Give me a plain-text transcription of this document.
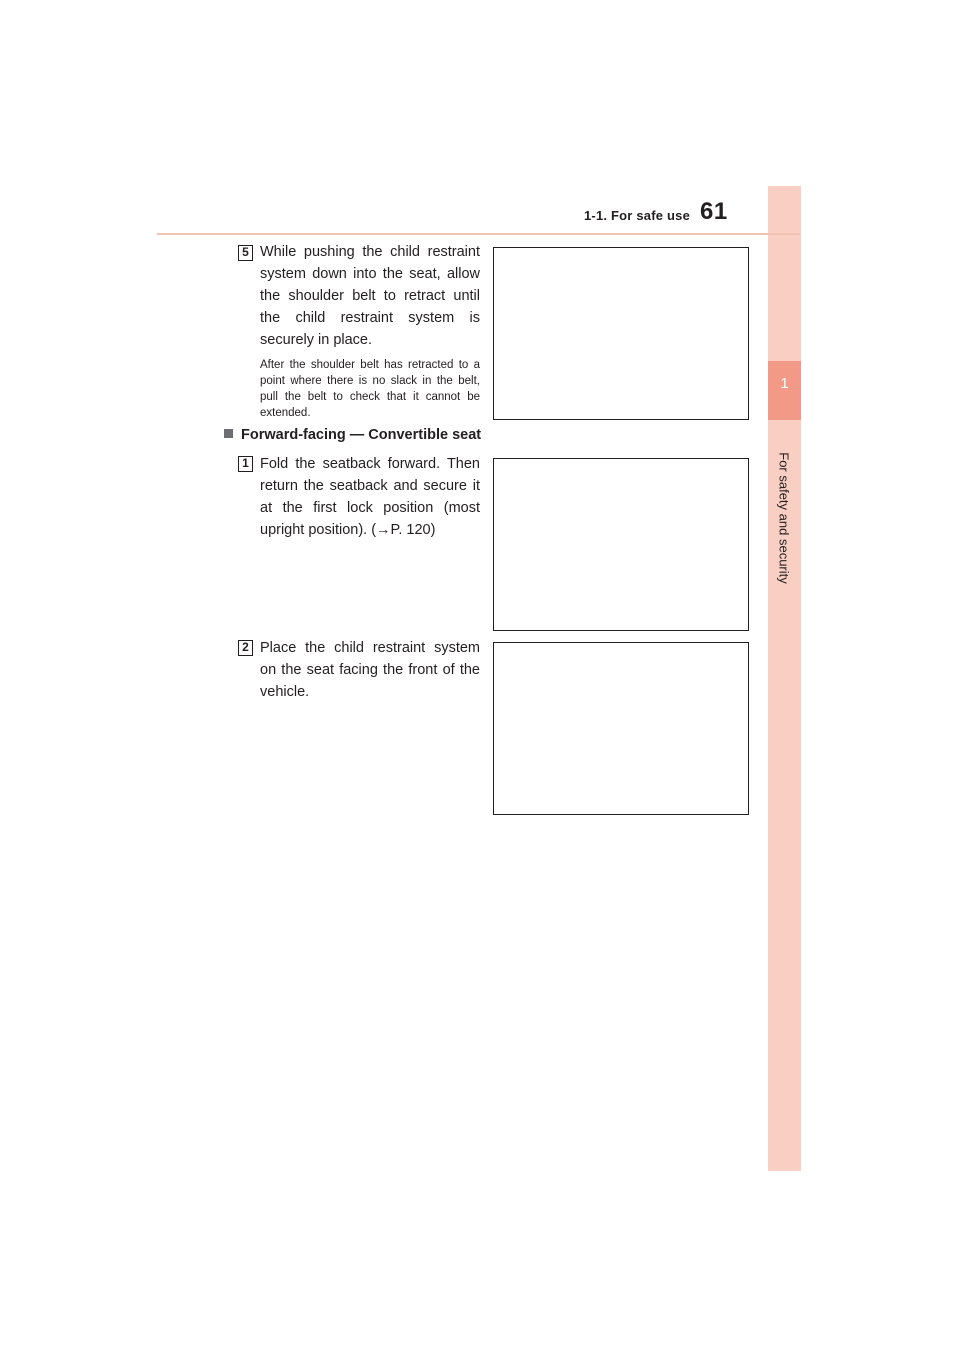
1
For safety and security
1-1. For safe use 61
5 While pushing the child restraint system down into the seat, allow the shoulder belt to retract until the child restraint system is securely in place.
After the shoulder belt has retracted to a point where there is no slack in the belt, pull the belt to check that it cannot be extended.
Forward-facing — Convertible seat
1 Fold the seatback forward. Then return the seatback and secure it at the first lock position (most upright position). (→P. 120)
2 Place the child restraint system on the seat facing the front of the vehicle.
